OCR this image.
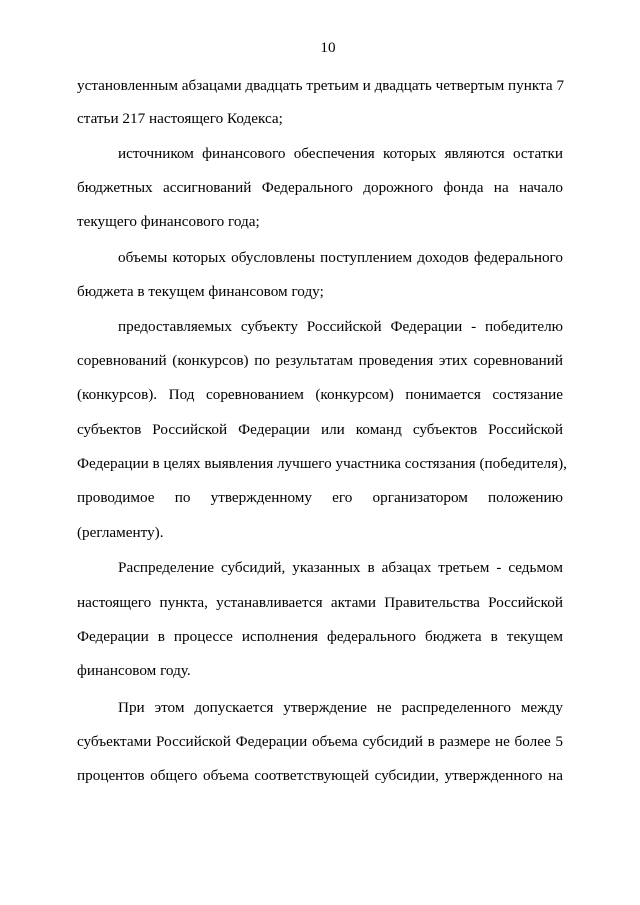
10
установленным абзацами двадцать третьим и двадцать четвертым пункта 7
статьи 217 настоящего Кодекса;
источником финансового обеспечения которых являются остатки
бюджетных ассигнований Федерального дорожного фонда на начало
текущего финансового года;
объемы которых обусловлены поступлением доходов федерального
бюджета в текущем финансовом году;
предоставляемых субъекту Российской Федерации - победителю
соревнований (конкурсов) по результатам проведения этих соревнований
(конкурсов). Под соревнованием (конкурсом) понимается состязание
субъектов Российской Федерации или команд субъектов Российской
Федерации в целях выявления лучшего участника состязания (победителя),
проводимое по утвержденному его организатором положению
(регламенту).
Распределение субсидий, указанных в абзацах третьем - седьмом
настоящего пункта, устанавливается актами Правительства Российской
Федерации в процессе исполнения федерального бюджета в текущем
финансовом году.
При этом допускается утверждение не распределенного между
субъектами Российской Федерации объема субсидий в размере не более 5
процентов общего объема соответствующей субсидии, утвержденного на
